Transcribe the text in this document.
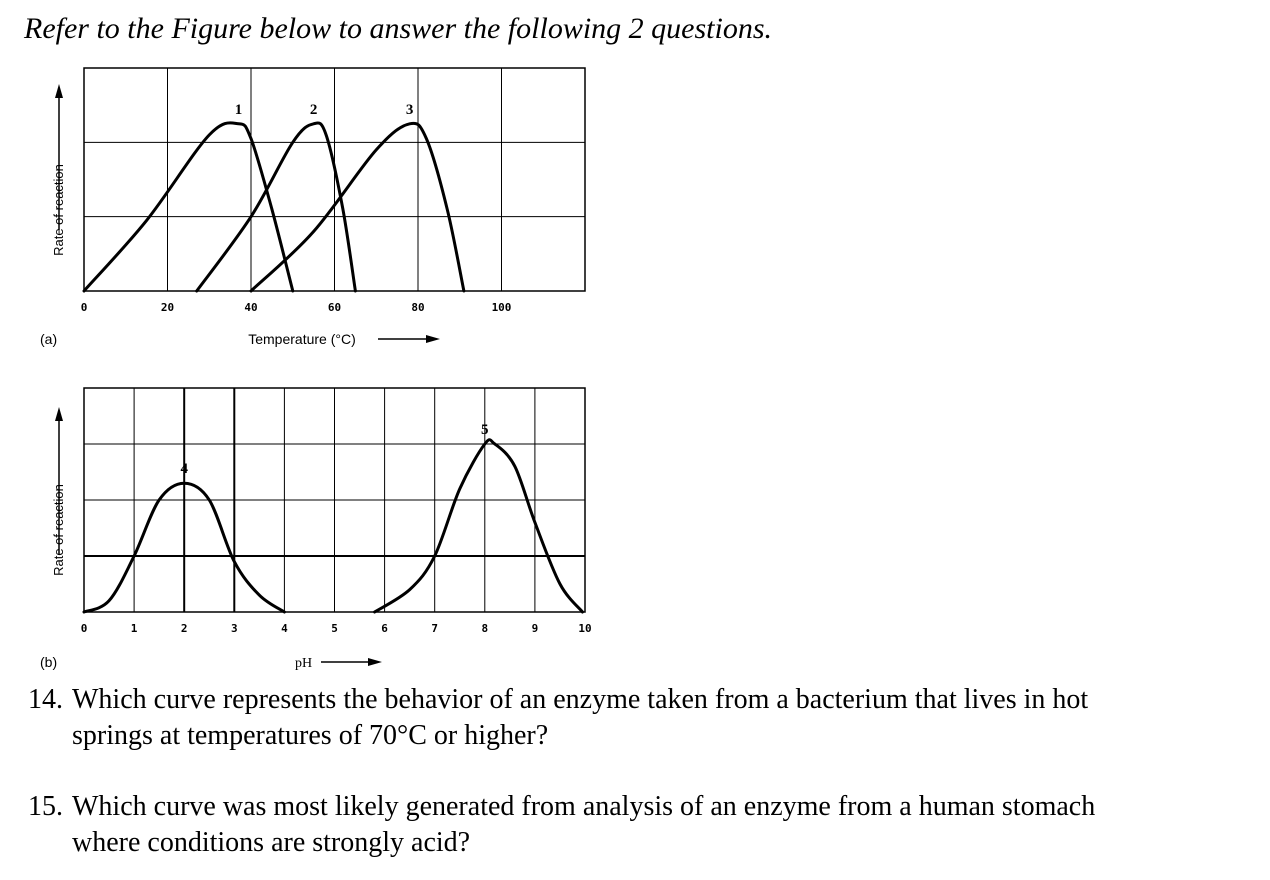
Refer to the Figure below to answer the following 2 questions.
0	20	40	60	80	100
1	2	3
Rate of reaction
(a)	Temperature (°C)
0	1	2	3	4	5	6	7	8	9	10
4
5
Rate of reaction
(b)	pH
14. Which curve represents the behavior of an enzyme taken from a bacterium that lives in hot
springs at temperatures of 70°C or higher?
15. Which curve was most likely generated from analysis of an enzyme from a human stomach
where conditions are strongly acid?
